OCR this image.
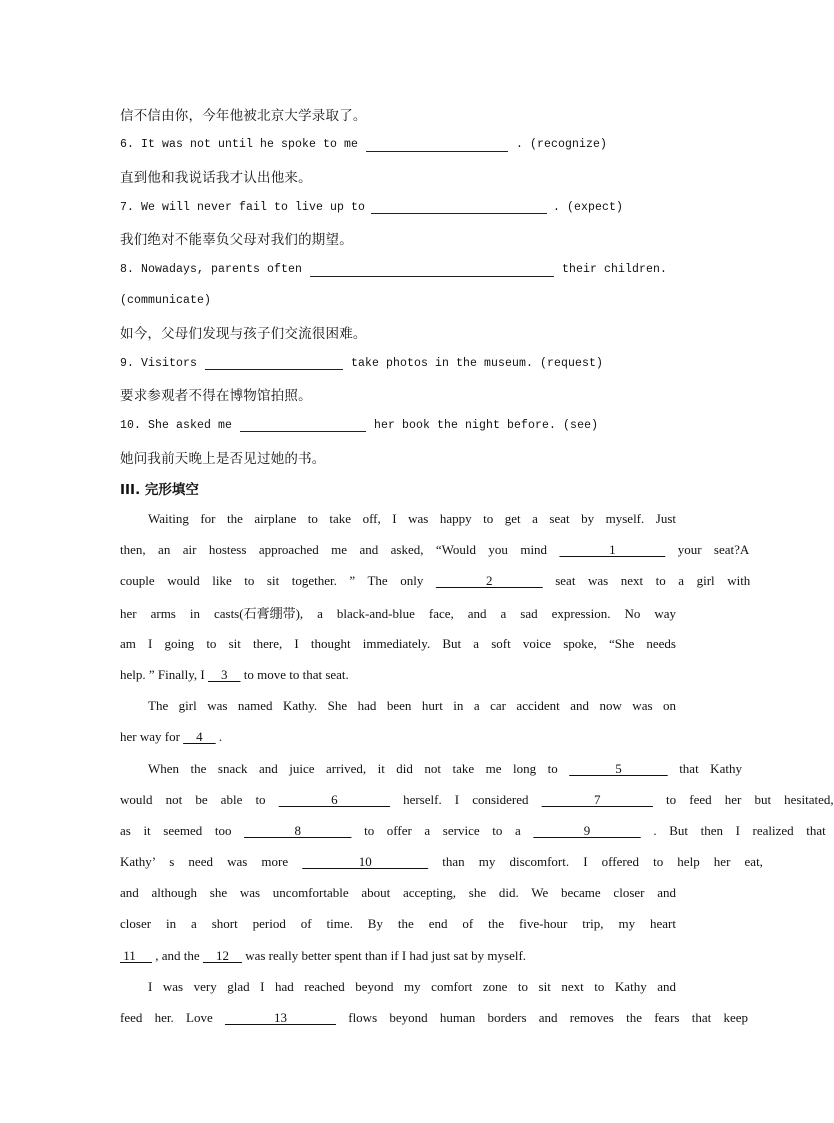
信不信由你，今年他被北京大学录取了。
6. It was not until he spoke to me	. (recognize)
直到他和我说话我才认出他来。
7. We will never fail to live up to	. (expect)
我们绝对不能辜负父母对我们的期望。
8. Nowadays, parents often	their children.
(communicate)
如今，父母们发现与孩子们交流很困难。
9. Visitors	take photos in the museum. (request)
要求参观者不得在博物馆拍照。
10. She asked me	her book the night before. (see)
她问我前天晚上是否见过她的书。
III. 完形填空
Waiting for the airplane to take off, I was happy to get a seat by myself. Just
then, an air hostess approached me and asked, “Would you mind     1     your seat?A
couple would like to sit together. ” The only     2     seat was next to a girl with
her arms in casts(石膏绷带), a black-and-blue face, and a sad expression. No way
am I going to sit there, I thought immediately. But a soft voice spoke, “She needs
help. ” Finally, I     3     to move to that seat.
The girl was named Kathy. She had been hurt in a car accident and now was on
her way for     4     .
When the snack and juice arrived, it did not take me long to     5     that Kathy
would not be able to     6     herself. I considered     7     to feed her but hesitated,
as it seemed too     8     to offer a service to a     9     . But then I realized that
Kathy’ s need was more     10     than my discomfort. I offered to help her eat,
and although she was uncomfortable about accepting, she did. We became closer and
closer in a short period of time. By the end of the five-hour trip, my heart
11      , and the     12     was really better spent than if I had just sat by myself.
I was very glad I had reached beyond my comfort zone to sit next to Kathy and
feed her. Love     13     flows beyond human borders and removes the fears that keep
